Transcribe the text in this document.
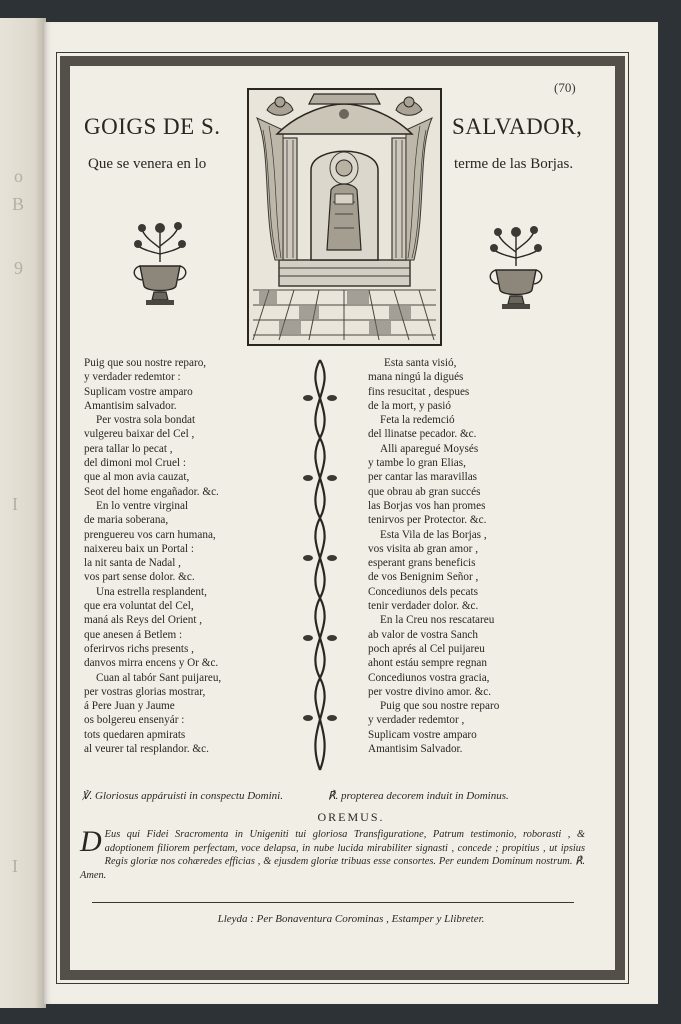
o
B
9
I
I
(70)
GOIGS DE S.	SALVADOR,
Que se venera en lo	terme de las Borjas.
Puig que sou nostre reparo,
y verdader redemtor :
Suplicam vostre amparo
Amantisim salvador.
Per vostra sola bondat
vulgereu baixar del Cel ,
pera tallar lo pecat ,
del dimoni mol Cruel :
que al mon avia cauzat,
Seot del home engañador. &c.
En lo ventre virginal
de maria soberana,
prenguereu vos carn humana,
naixereu baix un Portal :
la nit santa de Nadal ,
vos part sense dolor. &c.
Una estrella resplandent,
que era voluntat del Cel,
maná als Reys del Orient ,
que anesen á Betlem :
oferirvos richs presents ,
danvos mirra encens y Or &c.
Cuan al tabór Sant puijareu,
per vostras glorias mostrar,
á Pere Juan y Jaume
os bolgereu ensenyár :
tots quedaren apmirats
al veurer tal resplandor. &c.
Esta santa visió,
mana ningú la digués
fins resucitat , despues
de la mort, y pasió
Feta la redemció
del llinatse pecador. &c.
Alli aparegué Moysés
y tambe lo gran Elias,
per cantar las maravillas
que obrau ab gran succés
las Borjas vos han promes
tenirvos per Protector. &c.
Esta Vila de las Borjas ,
vos visita ab gran amor ,
esperant grans beneficis
de vos Benignim Señor ,
Concediunos dels pecats
tenir verdader dolor. &c.
En la Creu nos rescatareu
ab valor de vostra Sanch
poch aprés al Cel puijareu
ahont estáu sempre regnan
Concediunos vostra gracia,
per vostre divino amor. &c.
Puig que sou nostre reparo
y verdader redemtor ,
Suplicam vostre amparo
Amantisim Salvador.
℣. Gloriosus appáruisti in conspectu Domini.	℟. propterea decorem induit in Dominus.
OREMUS.
D Eus qui Fidei Sracromenta in Unigeniti tui gloriosa Transfiguratione, Patrum testimonio, roborasti , & adoptionem filiorem perfectam, voce delapsa, in nube lucida mirabiliter signasti , concede ; propitius , ut ipsius Regis gloriæ nos cohæredes efficias , & ejusdem gloriæ tribuas esse consortes. Per eundem Dominum nostrum. ℟. Amen.
Lleyda : Per Bonaventura Corominas , Estamper y Llibreter.
